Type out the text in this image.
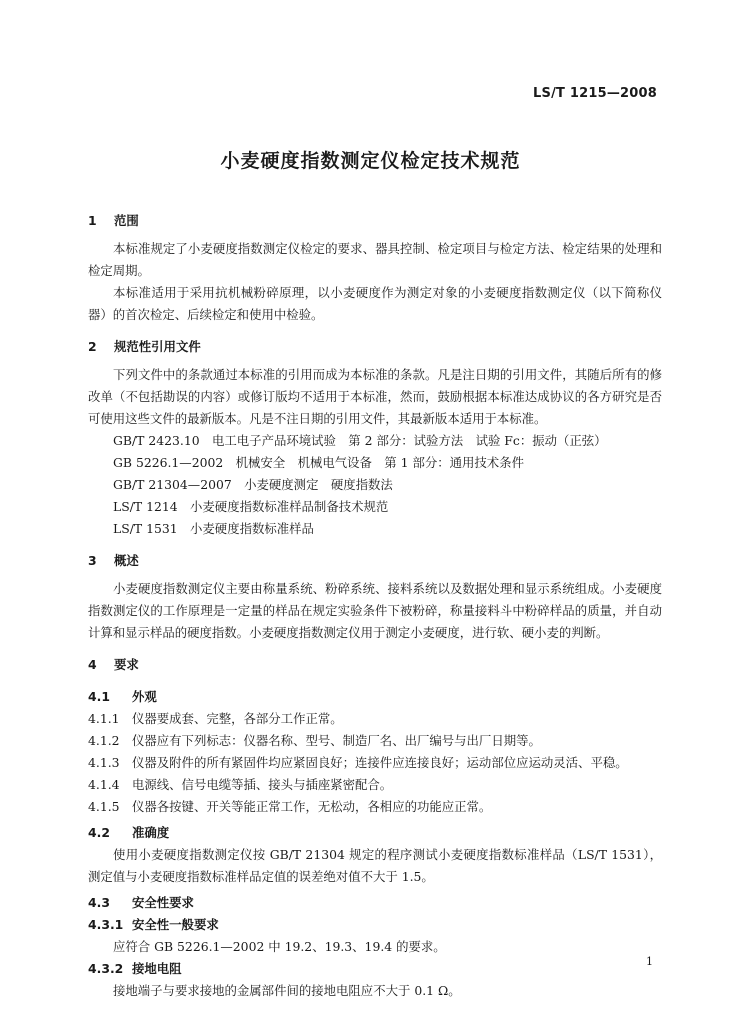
LS/T 1215—2008
小麦硬度指数测定仪检定技术规范
1 范围
本标准规定了小麦硬度指数测定仪检定的要求、器具控制、检定项目与检定方法、检定结果的处理和检定周期。
本标准适用于采用抗机械粉碎原理，以小麦硬度作为测定对象的小麦硬度指数测定仪（以下简称仪器）的首次检定、后续检定和使用中检验。
2 规范性引用文件
下列文件中的条款通过本标准的引用而成为本标准的条款。凡是注日期的引用文件，其随后所有的修改单（不包括勘误的内容）或修订版均不适用于本标准，然而，鼓励根据本标准达成协议的各方研究是否可使用这些文件的最新版本。凡是不注日期的引用文件，其最新版本适用于本标准。
GB/T 2423.10　电工电子产品环境试验　第 2 部分：试验方法　试验 Fc：振动（正弦）
GB 5226.1—2002　机械安全　机械电气设备　第 1 部分：通用技术条件
GB/T 21304—2007　小麦硬度测定　硬度指数法
LS/T 1214　小麦硬度指数标准样品制备技术规范
LS/T 1531　小麦硬度指数标准样品
3 概述
小麦硬度指数测定仪主要由称量系统、粉碎系统、接料系统以及数据处理和显示系统组成。小麦硬度指数测定仪的工作原理是一定量的样品在规定实验条件下被粉碎，称量接料斗中粉碎样品的质量，并自动计算和显示样品的硬度指数。小麦硬度指数测定仪用于测定小麦硬度，进行软、硬小麦的判断。
4 要求
4.1 外观
4.1.1 仪器要成套、完整，各部分工作正常。
4.1.2 仪器应有下列标志：仪器名称、型号、制造厂名、出厂编号与出厂日期等。
4.1.3 仪器及附件的所有紧固件均应紧固良好；连接件应连接良好；运动部位应运动灵活、平稳。
4.1.4 电源线、信号电缆等插、接头与插座紧密配合。
4.1.5 仪器各按键、开关等能正常工作，无松动，各相应的功能应正常。
4.2 准确度
使用小麦硬度指数测定仪按 GB/T 21304 规定的程序测试小麦硬度指数标准样品（LS/T 1531），测定值与小麦硬度指数标准样品定值的误差绝对值不大于 1.5。
4.3 安全性要求
4.3.1 安全性一般要求
应符合 GB 5226.1—2002 中 19.2、19.3、19.4 的要求。
4.3.2 接地电阻
接地端子与要求接地的金属部件间的接地电阻应不大于 0.1 Ω。
1
